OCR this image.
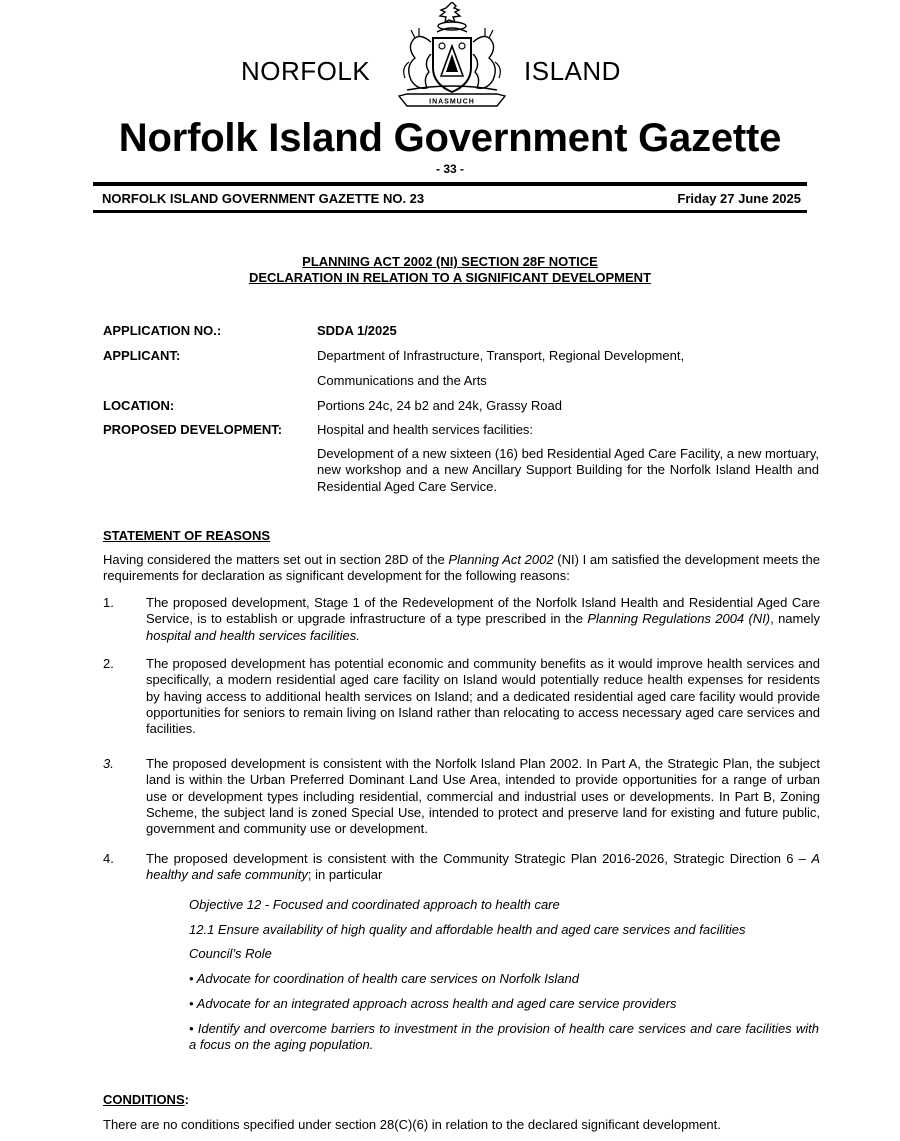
NORFOLK	ISLAND
INASMUCH
Norfolk Island Government Gazette
- 33 -
NORFOLK ISLAND GOVERNMENT GAZETTE NO. 23	Friday 27 June 2025
PLANNING ACT 2002 (NI) SECTION 28F NOTICE
DECLARATION IN RELATION TO A SIGNIFICANT DEVELOPMENT
APPLICATION NO.:	SDDA 1/2025
APPLICANT:	Department of Infrastructure, Transport, Regional Development,
Communications and the Arts
LOCATION:	Portions 24c, 24 b2 and 24k, Grassy Road
PROPOSED DEVELOPMENT:	Hospital and health services facilities:
Development of a new sixteen (16) bed Residential Aged Care Facility, a new mortuary, new workshop and a new Ancillary Support Building for the Norfolk Island Health and Residential Aged Care Service.
STATEMENT OF REASONS
Having considered the matters set out in section 28D of the Planning Act 2002 (NI) I am satisfied the development meets the requirements for declaration as significant development for the following reasons:
1. The proposed development, Stage 1 of the Redevelopment of the Norfolk Island Health and Residential Aged Care Service, is to establish or upgrade infrastructure of a type prescribed in the Planning Regulations 2004 (NI), namely hospital and health services facilities.
2. The proposed development has potential economic and community benefits as it would improve health services and specifically, a modern residential aged care facility on Island would potentially reduce health expenses for residents by having access to additional health services on Island; and a dedicated residential aged care facility would provide opportunities for seniors to remain living on Island rather than relocating to access necessary aged care services and facilities.
3. The proposed development is consistent with the Norfolk Island Plan 2002. In Part A, the Strategic Plan, the subject land is within the Urban Preferred Dominant Land Use Area, intended to provide opportunities for a range of urban use or development types including residential, commercial and industrial uses or developments. In Part B, Zoning Scheme, the subject land is zoned Special Use, intended to protect and preserve land for existing and future public, government and community use or development.
4. The proposed development is consistent with the Community Strategic Plan 2016-2026, Strategic Direction 6 – A healthy and safe community; in particular
Objective 12 - Focused and coordinated approach to health care
12.1 Ensure availability of high quality and affordable health and aged care services and facilities
Council’s Role
• Advocate for coordination of health care services on Norfolk Island
• Advocate for an integrated approach across health and aged care service providers
• Identify and overcome barriers to investment in the provision of health care services and care facilities with a focus on the aging population.
CONDITIONS:
There are no conditions specified under section 28(C)(6) in relation to the declared significant development.
